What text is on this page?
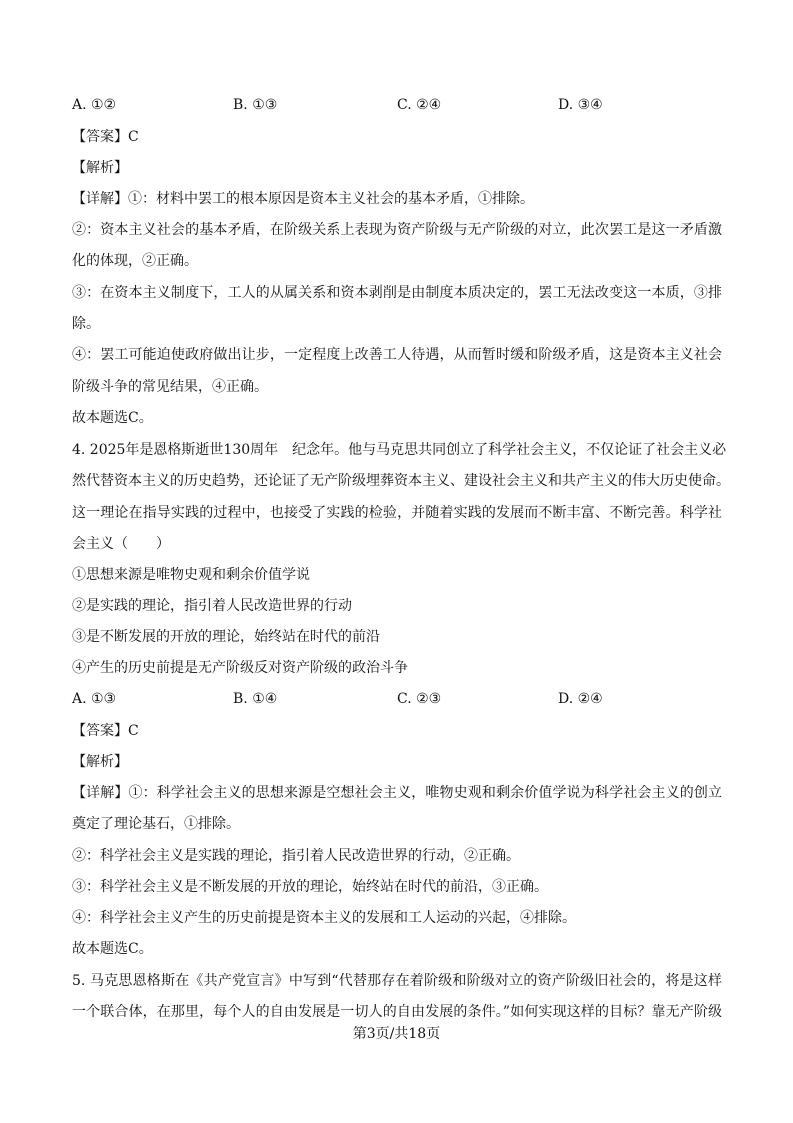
A. ①②	B. ①③	C. ②④	D. ③④
【答案】C
【解析】
【详解】①：材料中罢工的根本原因是资本主义社会的基本矛盾，①排除。
②：资本主义社会的基本矛盾，在阶级关系上表现为资产阶级与无产阶级的对立，此次罢工是这一矛盾激
化的体现，②正确。
③：在资本主义制度下，工人的从属关系和资本剥削是由制度本质决定的，罢工无法改变这一本质，③排
除。
④：罢工可能迫使政府做出让步，一定程度上改善工人待遇，从而暂时缓和阶级矛盾，这是资本主义社会
阶级斗争的常见结果，④正确。
故本题选C。
4. 2025年是恩格斯逝世130周年　纪念年。他与马克思共同创立了科学社会主义，不仅论证了社会主义必
然代替资本主义的历史趋势，还论证了无产阶级埋葬资本主义、建设社会主义和共产主义的伟大历史使命。
这一理论在指导实践的过程中，也接受了实践的检验，并随着实践的发展而不断丰富、不断完善。科学社
会主义（　　）
①思想来源是唯物史观和剩余价值学说
②是实践的理论，指引着人民改造世界的行动
③是不断发展的开放的理论，始终站在时代的前沿
④产生的历史前提是无产阶级反对资产阶级的政治斗争
A. ①③	B. ①④	C. ②③	D. ②④
【答案】C
【解析】
【详解】①：科学社会主义的思想来源是空想社会主义，唯物史观和剩余价值学说为科学社会主义的创立
奠定了理论基石，①排除。
②：科学社会主义是实践的理论，指引着人民改造世界的行动，②正确。
③：科学社会主义是不断发展的开放的理论，始终站在时代的前沿，③正确。
④：科学社会主义产生的历史前提是资本主义的发展和工人运动的兴起，④排除。
故本题选C。
5. 马克思恩格斯在《共产党宣言》中写到“代替那存在着阶级和阶级对立的资产阶级旧社会的，将是这样
一个联合体，在那里，每个人的自由发展是一切人的自由发展的条件。”如何实现这样的目标？靠无产阶级
第3页/共18页
